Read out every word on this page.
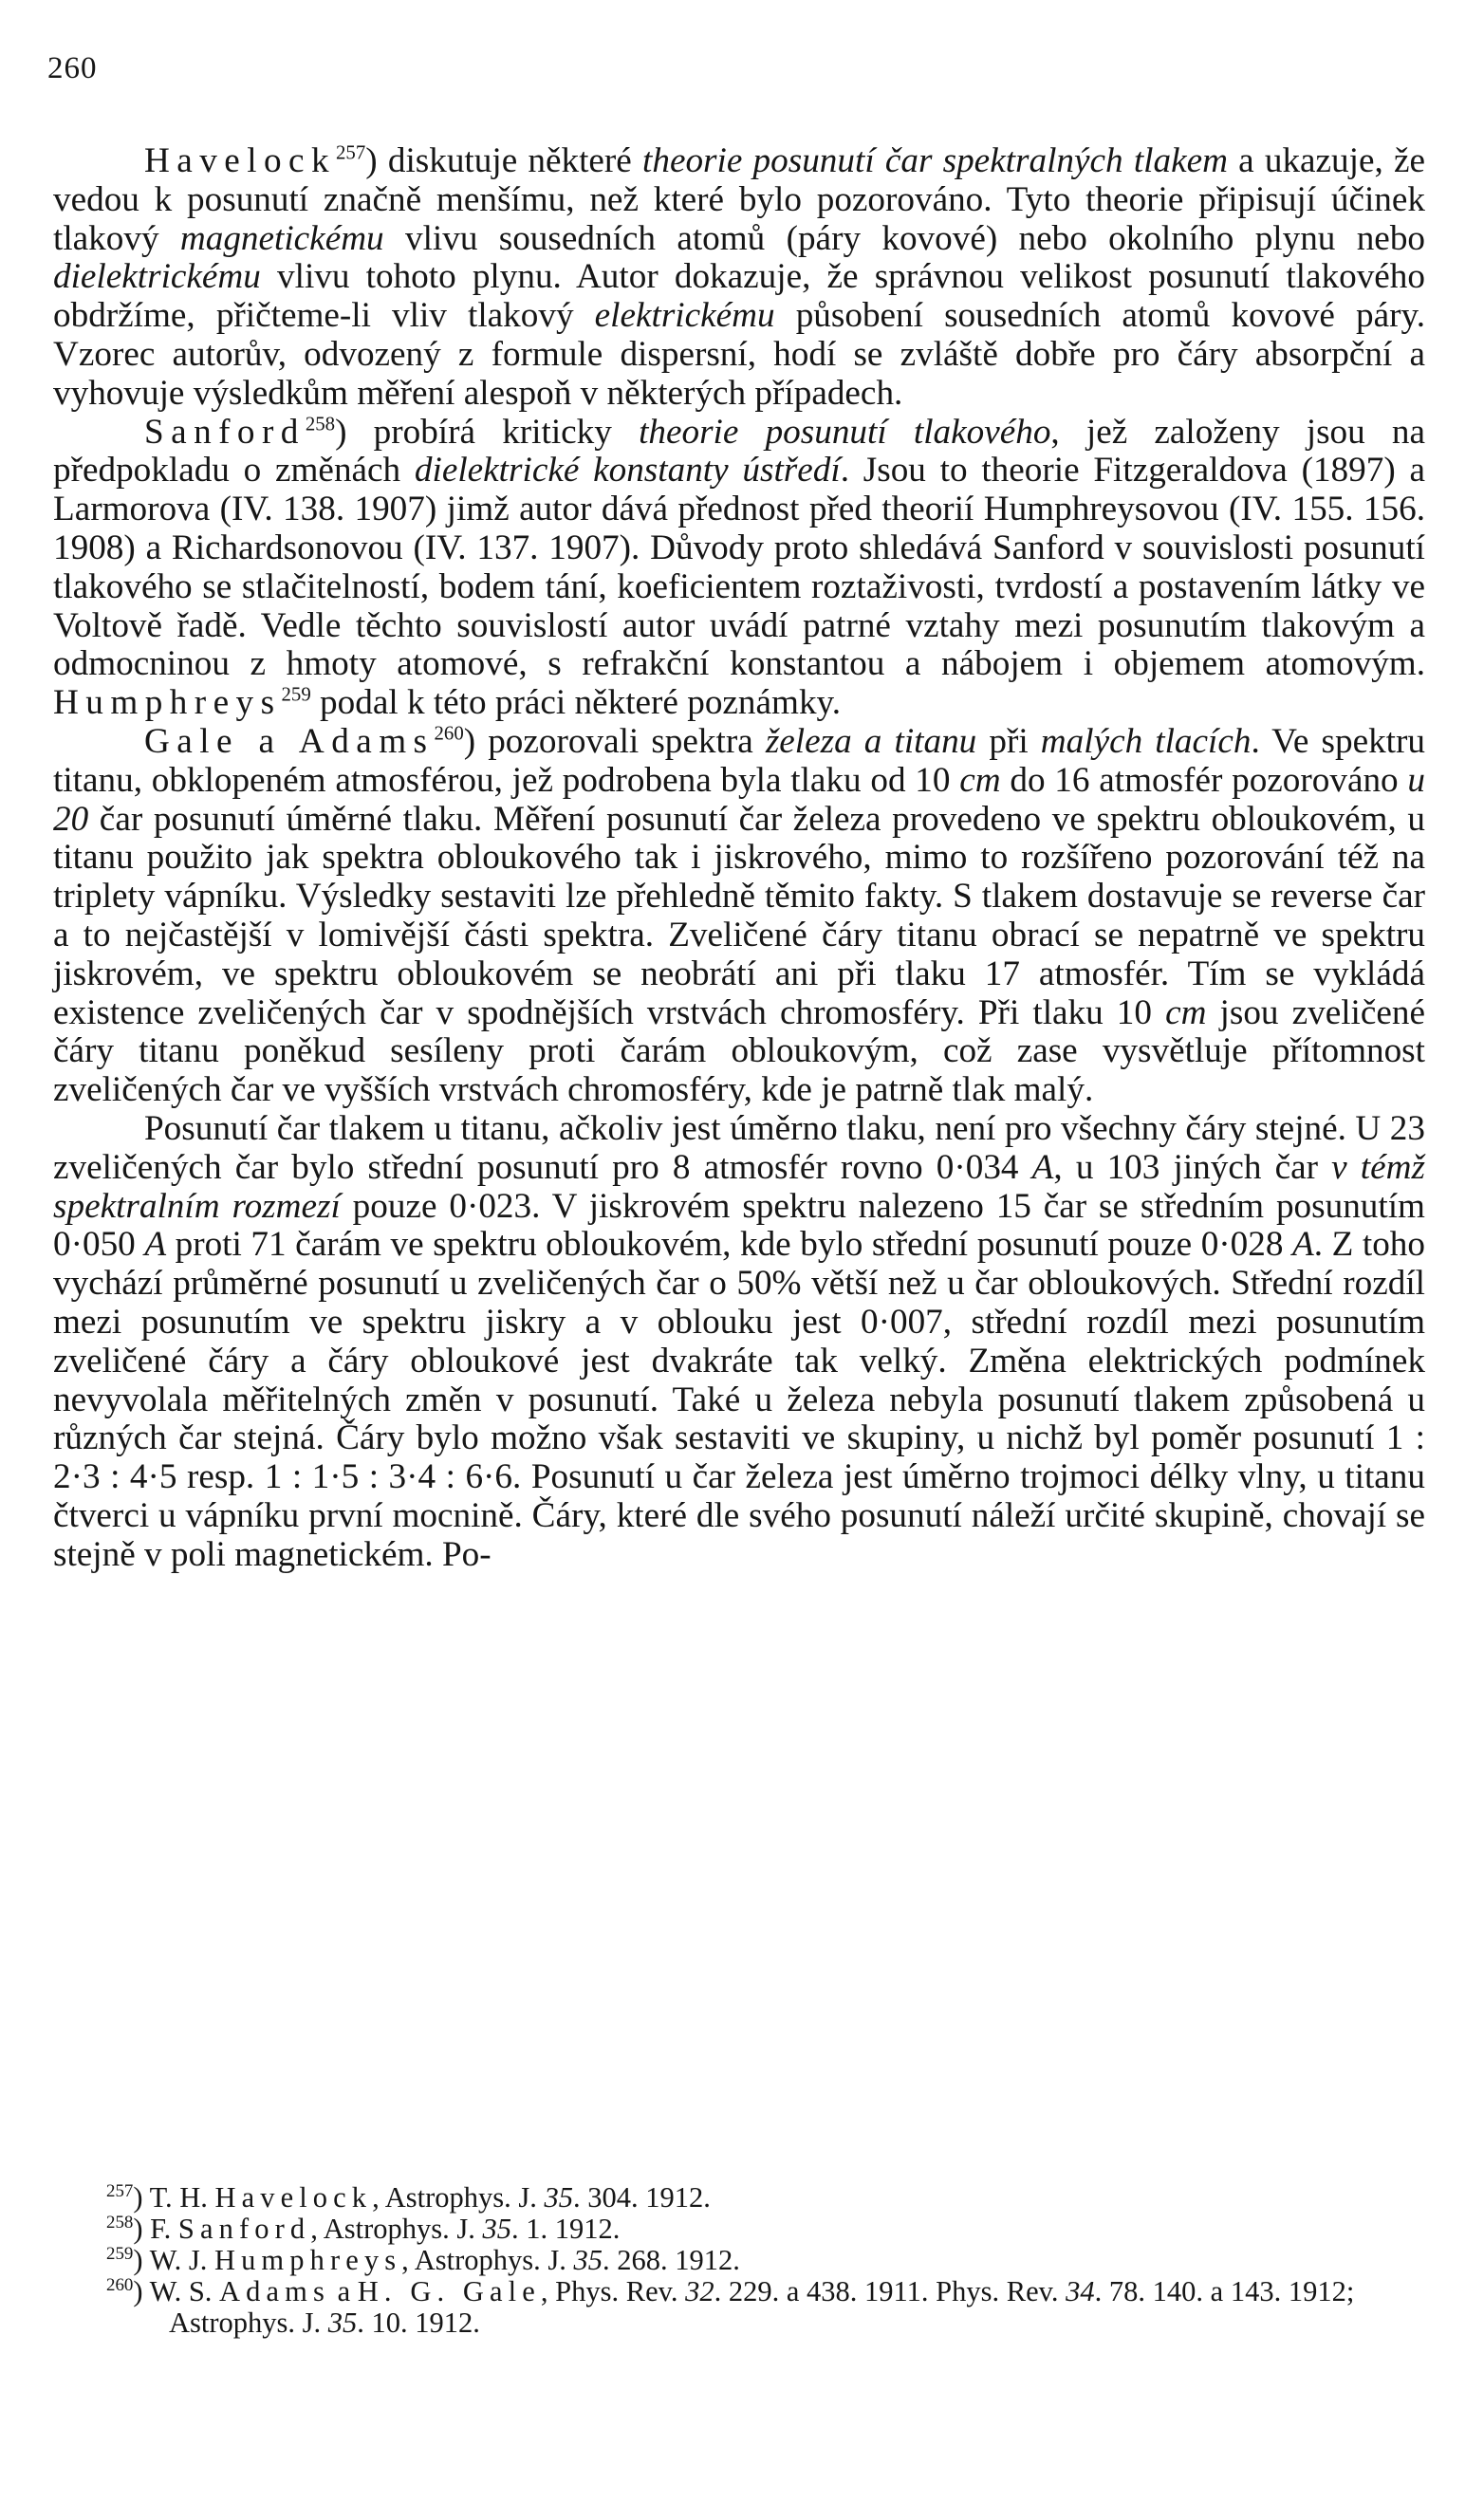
260

Havelock$^{257}$) diskutuje některé theorie posunutí čar spektralných tlakem a ukazuje, že vedou k posunutí značně menšímu, než které bylo pozorováno. Tyto theorie připisují účinek tlakový magnetickému vlivu sousedních atomů (páry kovové) nebo okolního plynu nebo dielektrickému vlivu tohoto plynu. Autor dokazuje, že správnou velikost posunutí tlakového obdržíme, přičteme-li vliv tlakový elektrickému působení sousedních atomů kovové páry. Vzorec autorův, odvozený z formule dispersní, hodí se zvláště dobře pro čáry absorpční a vyhovuje výsledkům měření alespoň v některých případech.

Sanford$^{258}$) probírá kriticky theorie posunutí tlakového, jež založeny jsou na předpokladu o změnách dielektrické konstanty ústředí. Jsou to theorie Fitzgeraldova (1897) a Larmorova (IV. 138. 1907) jimž autor dává přednost před theorií Humphreysovou (IV. 155. 156. 1908) a Richardsonovou (IV. 137. 1907). Důvody proto shledává Sanford v souvislosti posunutí tlakového se stlačitelností, bodem tání, koeficientem roztaživosti, tvrdostí a postavením látky ve Voltově řadě. Vedle těchto souvislostí autor uvádí patrné vztahy mezi posunutím tlakovým a odmocninou z hmoty atomové, s refrakční konstantou a nábojem i objemem atomovým. Humphreys$^{259}$ podal k této práci některé poznámky.

Gale a Adams$^{260}$) pozorovali spektra železa a titanu při malých tlacích. Ve spektru titanu, obklopeném atmosférou, jež podrobena byla tlaku od 10 cm do 16 atmosfér pozorováno u 20 čar posunutí úměrné tlaku. Měření posunutí čar železa provedeno ve spektru obloukovém, u titanu použito jak spektra obloukového tak i jiskrového, mimo to rozšířeno pozorování též na triplety vápníku. Výsledky sestaviti lze přehledně těmito fakty. S tlakem dostavuje se reverse čar a to nejčastější v lomivější části spektra. Zveličené čáry titanu obrací se nepatrně ve spektru jiskrovém, ve spektru obloukovém se neobrátí ani při tlaku 17 atmosfér. Tím se vykládá existence zveličených čar v spodnějších vrstvách chromosféry. Při tlaku 10 cm jsou zveličené čáry titanu poněkud sesíleny proti čarám obloukovým, což zase vysvětluje přítomnost zveličených čar ve vyšších vrstvách chromosféry, kde je patrně tlak malý.

Posunutí čar tlakem u titanu, ačkoliv jest úměrno tlaku, není pro všechny čáry stejné. U 23 zveličených čar bylo střední posunutí pro 8 atmosfér rovno 0·034 A, u 103 jiných čar v témž spektralním rozmezí pouze 0·023. V jiskrovém spektru nalezeno 15 čar se středním posunutím 0·050 A proti 71 čarám ve spektru obloukovém, kde bylo střední posunutí pouze 0·028 A. Z toho vychází průměrné posunutí u zveličených čar o 50% větší než u čar obloukových. Střední rozdíl mezi posunutím ve spektru jiskry a v oblouku jest 0·007, střední rozdíl mezi posunutím zveličené čáry a čáry obloukové jest dvakráte tak velký. Změna elektrických podmínek nevyvolala měřitelných změn v posunutí. Také u železa nebyla posunutí tlakem způsobená u různých čar stejná. Čáry bylo možno však sestaviti ve skupiny, u nichž byl poměr posunutí 1 : 2·3 : 4·5 resp. 1 : 1·5 : 3·4 : 6·6. Posunutí u čar železa jest úměrno trojmoci délky vlny, u titanu čtverci u vápníku první mocnině. Čáry, které dle svého posunutí náleží určité skupině, chovají se stejně v poli magnetickém. Po-

$^{257}$) T. H. Havelock, Astrophys. J. 35. 304. 1912.

$^{258}$) F. Sanford, Astrophys. J. 35. 1. 1912.

$^{259}$) W. J. Humphreys, Astrophys. J. 35. 268. 1912.

$^{260}$) W. S. Adams a H. G. Gale, Phys. Rev. 32. 229. a 438. 1911. Phys. Rev. 34. 78. 140. a 143. 1912; Astrophys. J. 35. 10. 1912.
